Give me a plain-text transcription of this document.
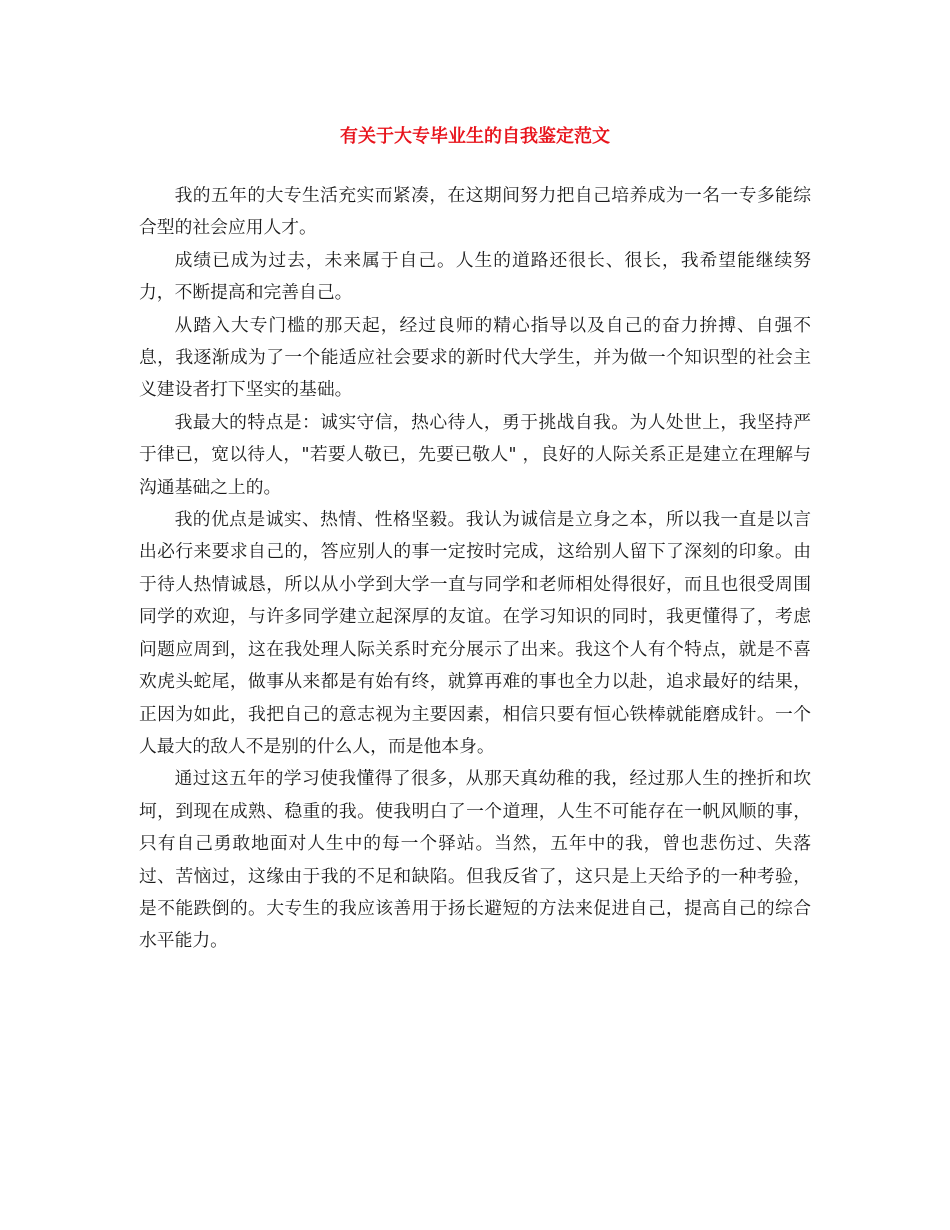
有关于大专毕业生的自我鉴定范文

我的五年的大专生活充实而紧凑，在这期间努力把自己培养成为一名一专多能综合型的社会应用人才。

成绩已成为过去，未来属于自己。人生的道路还很长、很长，我希望能继续努力，不断提高和完善自己。

从踏入大专门槛的那天起，经过良师的精心指导以及自己的奋力拚搏、自强不息，我逐渐成为了一个能适应社会要求的新时代大学生，并为做一个知识型的社会主义建设者打下坚实的基础。

我最大的特点是：诚实守信，热心待人，勇于挑战自我。为人处世上，我坚持严于律已，宽以待人，"若要人敬已，先要已敬人" ，良好的人际关系正是建立在理解与沟通基础之上的。

我的优点是诚实、热情、性格坚毅。我认为诚信是立身之本，所以我一直是以言出必行来要求自己的，答应别人的事一定按时完成，这给别人留下了深刻的印象。由于待人热情诚恳，所以从小学到大学一直与同学和老师相处得很好，而且也很受周围同学的欢迎，与许多同学建立起深厚的友谊。在学习知识的同时，我更懂得了，考虑问题应周到，这在我处理人际关系时充分展示了出来。我这个人有个特点，就是不喜欢虎头蛇尾，做事从来都是有始有终，就算再难的事也全力以赴，追求最好的结果，正因为如此，我把自己的意志视为主要因素，相信只要有恒心铁棒就能磨成针。一个人最大的敌人不是别的什么人，而是他本身。

通过这五年的学习使我懂得了很多，从那天真幼稚的我，经过那人生的挫折和坎坷，到现在成熟、稳重的我。使我明白了一个道理，人生不可能存在一帆风顺的事，只有自己勇敢地面对人生中的每一个驿站。当然，五年中的我，曾也悲伤过、失落过、苦恼过，这缘由于我的不足和缺陷。但我反省了，这只是上天给予的一种考验，是不能跌倒的。大专生的我应该善用于扬长避短的方法来促进自己，提高自己的综合水平能力。
